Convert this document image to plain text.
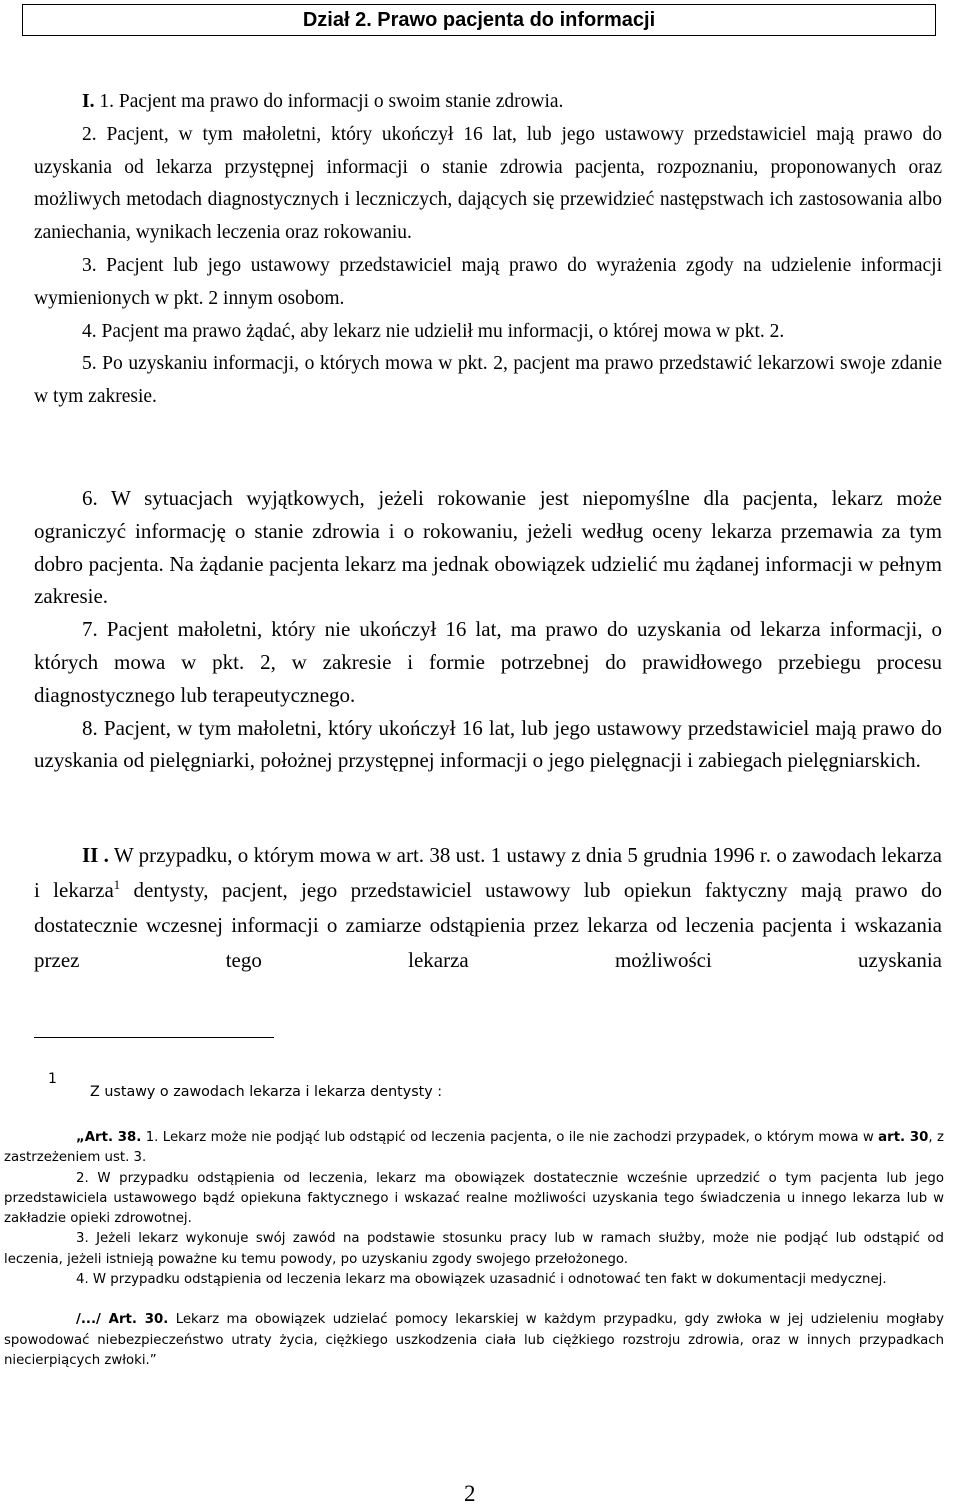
Dział 2. Prawo pacjenta do informacji

I. 1. Pacjent ma prawo do informacji o swoim stanie zdrowia.

2. Pacjent, w tym małoletni, który ukończył 16 lat, lub jego ustawowy przedstawiciel mają prawo do uzyskania od lekarza przystępnej informacji o stanie zdrowia pacjenta, rozpoznaniu, proponowanych oraz możliwych metodach diagnostycznych i leczniczych, dających się przewidzieć następstwach ich zastosowania albo zaniechania, wynikach leczenia oraz rokowaniu.

3. Pacjent lub jego ustawowy przedstawiciel mają prawo do wyrażenia zgody na udzielenie informacji wymienionych w pkt. 2 innym osobom.

4. Pacjent ma prawo żądać, aby lekarz nie udzielił mu informacji, o której mowa w pkt. 2.

5. Po uzyskaniu informacji, o których mowa w pkt. 2, pacjent ma prawo przedstawić lekarzowi swoje zdanie w tym zakresie.

6. W sytuacjach wyjątkowych, jeżeli rokowanie jest niepomyślne dla pacjenta, lekarz może ograniczyć informację o stanie zdrowia i o rokowaniu, jeżeli według oceny lekarza przemawia za tym dobro pacjenta. Na żądanie pacjenta lekarz ma jednak obowiązek udzielić mu żądanej informacji w pełnym zakresie.

7. Pacjent małoletni, który nie ukończył 16 lat, ma prawo do uzyskania od lekarza informacji, o których mowa w pkt. 2, w zakresie i formie potrzebnej do prawidłowego przebiegu procesu diagnostycznego lub terapeutycznego.

8. Pacjent, w tym małoletni, który ukończył 16 lat, lub jego ustawowy przedstawiciel mają prawo do uzyskania od pielęgniarki, położnej przystępnej informacji o jego pielęgnacji i zabiegach pielęgniarskich.

II . W przypadku, o którym mowa w art. 38 ust. 1 ustawy z dnia 5 grudnia 1996 r. o zawodach lekarza i lekarza$^1$ dentysty, pacjent, jego przedstawiciel ustawowy lub opiekun faktyczny mają prawo do dostatecznie wczesnej informacji o zamiarze odstąpienia przez lekarza od leczenia pacjenta i wskazania przez tego lekarza możliwości uzyskania

1
Z ustawy o zawodach lekarza i lekarza dentysty :

„Art. 38. 1. Lekarz może nie podjąć lub odstąpić od leczenia pacjenta, o ile nie zachodzi przypadek, o którym mowa w art. 30, z zastrzeżeniem ust. 3.

2. W przypadku odstąpienia od leczenia, lekarz ma obowiązek dostatecznie wcześnie uprzedzić o tym pacjenta lub jego przedstawiciela ustawowego bądź opiekuna faktycznego i wskazać realne możliwości uzyskania tego świadczenia u innego lekarza lub w zakładzie opieki zdrowotnej.

3. Jeżeli lekarz wykonuje swój zawód na podstawie stosunku pracy lub w ramach służby, może nie podjąć lub odstąpić od leczenia, jeżeli istnieją poważne ku temu powody, po uzyskaniu zgody swojego przełożonego.

4. W przypadku odstąpienia od leczenia lekarz ma obowiązek uzasadnić i odnotować ten fakt w dokumentacji medycznej.

/.../ Art. 30. Lekarz ma obowiązek udzielać pomocy lekarskiej w każdym przypadku, gdy zwłoka w jej udzieleniu mogłaby spowodować niebezpieczeństwo utraty życia, ciężkiego uszkodzenia ciała lub ciężkiego rozstroju zdrowia, oraz w innych przypadkach niecierpiących zwłoki.”

2
